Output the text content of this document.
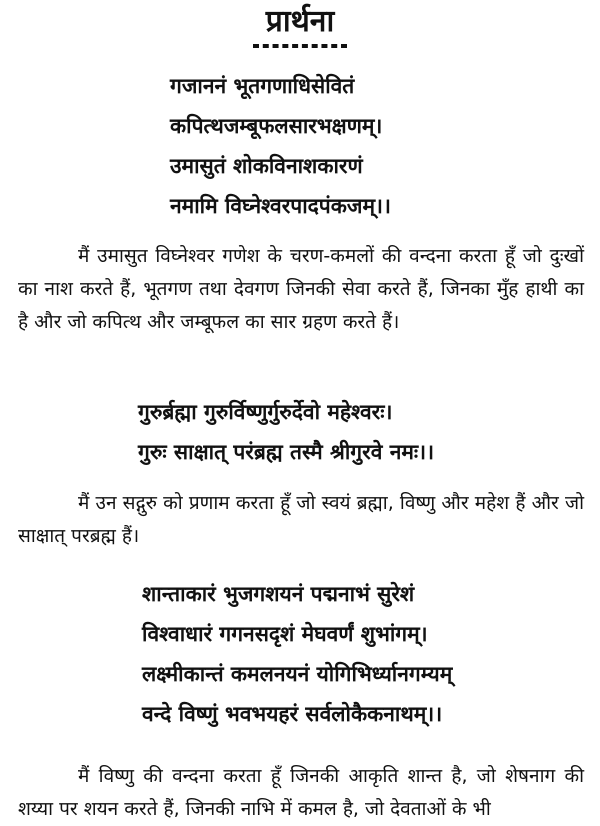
प्रार्थना
गजाननं भूतगणाधिसेवितं
कपित्थजम्बूफलसारभक्षणम्।
उमासुतं शोकविनाशकारणं
नमामि विघ्नेश्वरपादपंकजम्।।

मैं उमासुत विघ्नेश्वर गणेश के चरण-कमलों की वन्दना करता हूँ जो दुःखों का नाश करते हैं, भूतगण तथा देवगण जिनकी सेवा करते हैं, जिनका मुँह हाथी का है और जो कपित्थ और जम्बूफल का सार ग्रहण करते हैं।

गुरुर्ब्रह्मा गुरुर्विष्णुर्गुरुर्देवो महेश्वरः।
गुरुः साक्षात् परंब्रह्म तस्मै श्रीगुरवे नमः।।

मैं उन सद्गुरु को प्रणाम करता हूँ जो स्वयं ब्रह्मा, विष्णु और महेश हैं और जो साक्षात् परब्रह्म हैं।

शान्ताकारं भुजगशयनं पद्मनाभं सुरेशं
विश्वाधारं गगनसदृशं मेघवर्णं शुभांगम्।
लक्ष्मीकान्तं कमलनयनं योगिभिर्ध्यानगम्यम्
वन्दे विष्णुं भवभयहरं सर्वलोकैकनाथम्।।

मैं विष्णु की वन्दना करता हूँ जिनकी आकृति शान्त है, जो शेषनाग की शय्या पर शयन करते हैं, जिनकी नाभि में कमल है, जो देवताओं के भी
